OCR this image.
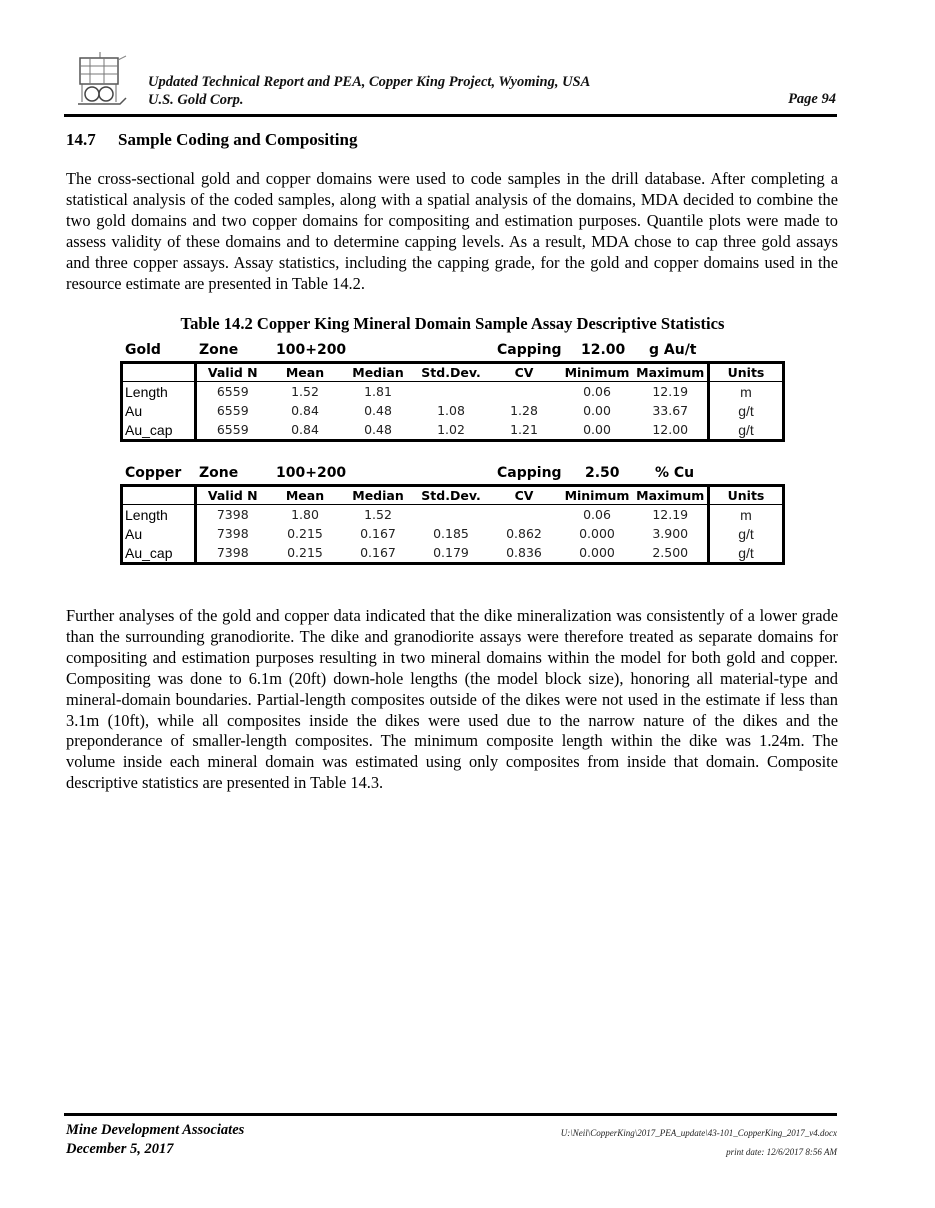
Updated Technical Report and PEA, Copper King Project, Wyoming, USA
U.S. Gold Corp.	Page 94
14.7 Sample Coding and Compositing
The cross-sectional gold and copper domains were used to code samples in the drill database. After completing a statistical analysis of the coded samples, along with a spatial analysis of the domains, MDA decided to combine the two gold domains and two copper domains for compositing and estimation purposes. Quantile plots were made to assess validity of these domains and to determine capping levels. As a result, MDA chose to cap three gold assays and three copper assays. Assay statistics, including the capping grade, for the gold and copper domains used in the resource estimate are presented in Table 14.2.
Table 14.2 Copper King Mineral Domain Sample Assay Descriptive Statistics
Gold	Zone	100+200	Capping 12.00 g Au/t
	Valid N	Mean	Median	Std.Dev.	CV	Minimum	Maximum	Units
Length	6559	1.52	1.81			0.06	12.19	m
Au	6559	0.84	0.48	1.08	1.28	0.00	33.67	g/t
Au_cap	6559	0.84	0.48	1.02	1.21	0.00	12.00	g/t
Copper Zone	100+200	Capping 2.50	% Cu
	Valid N	Mean	Median	Std.Dev.	CV	Minimum	Maximum	Units
Length	7398	1.80	1.52			0.06	12.19	m
Au	7398	0.215	0.167	0.185	0.862	0.000	3.900	g/t
Au_cap	7398	0.215	0.167	0.179	0.836	0.000	2.500	g/t
Further analyses of the gold and copper data indicated that the dike mineralization was consistently of a lower grade than the surrounding granodiorite. The dike and granodiorite assays were therefore treated as separate domains for compositing and estimation purposes resulting in two mineral domains within the model for both gold and copper. Compositing was done to 6.1m (20ft) down-hole lengths (the model block size), honoring all material-type and mineral-domain boundaries. Partial-length composites outside of the dikes were not used in the estimate if less than 3.1m (10ft), while all composites inside the dikes were used due to the narrow nature of the dikes and the preponderance of smaller-length composites. The minimum composite length within the dike was 1.24m. The volume inside each mineral domain was estimated using only composites from inside that domain. Composite descriptive statistics are presented in Table 14.3.
Mine Development Associates
December 5, 2017
U:\Neil\CopperKing\2017_PEA_update\43-101_CopperKing_2017_v4.docx
print date: 12/6/2017 8:56 AM
